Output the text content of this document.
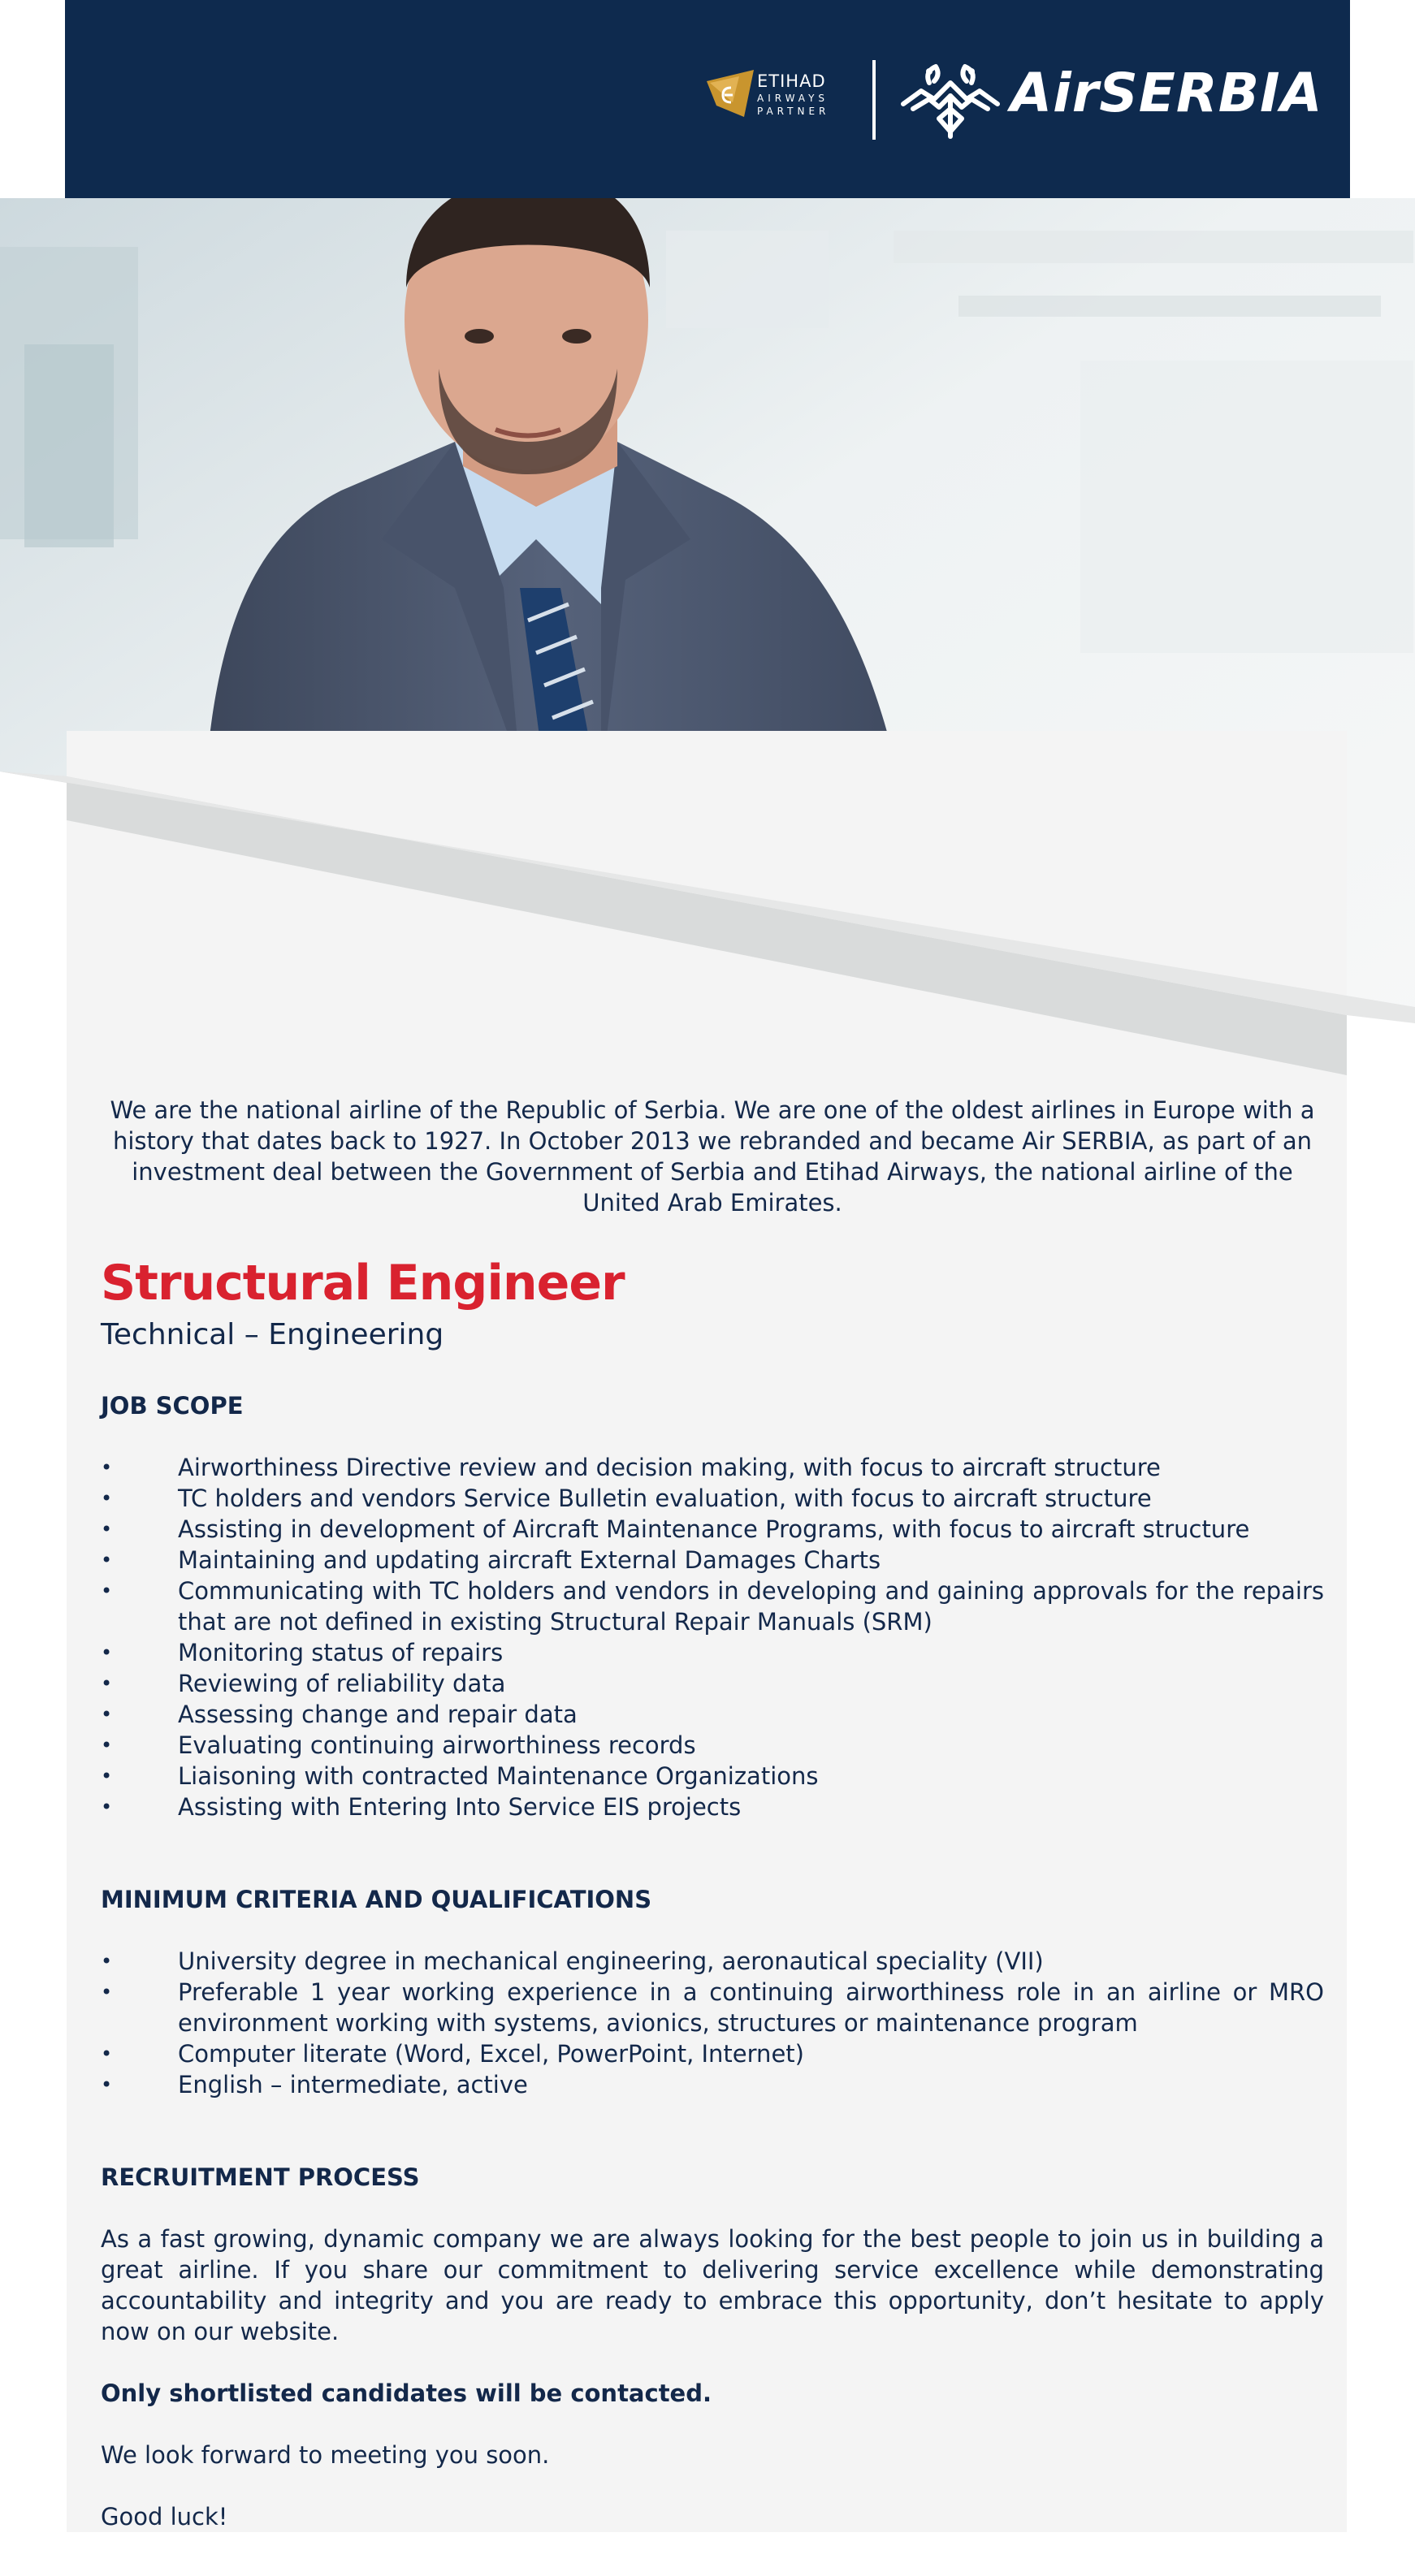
ETIHAD
AIRWAYS
PARTNER	AirSERBIA

We are the national airline of the Republic of Serbia. We are one of the oldest airlines in Europe with a history that dates back to 1927. In October 2013 we rebranded and became Air SERBIA, as part of an investment deal between the Government of Serbia and Etihad Airways, the national airline of the United Arab Emirates.

Structural Engineer
Technical – Engineering
JOB SCOPE
•	Airworthiness Directive review and decision making, with focus to aircraft structure
•	TC holders and vendors Service Bulletin evaluation, with focus to aircraft structure
•	Assisting in development of Aircraft Maintenance Programs, with focus to aircraft structure
•	Maintaining and updating aircraft External Damages Charts
•	Communicating with TC holders and vendors in developing and gaining approvals for the repairs that are not defined in existing Structural Repair Manuals (SRM)
•	Monitoring status of repairs
•	Reviewing of reliability data
•	Assessing change and repair data
•	Evaluating continuing airworthiness records
•	Liaisoning with contracted Maintenance Organizations
•	Assisting with Entering Into Service EIS projects
MINIMUM CRITERIA AND QUALIFICATIONS
•	University degree in mechanical engineering, aeronautical speciality (VII)
•	Preferable 1 year working experience in a continuing airworthiness role in an airline or MRO environment working with systems, avionics, structures or maintenance program
•	Computer literate (Word, Excel, PowerPoint, Internet)
•	English – intermediate, active
RECRUITMENT PROCESS

As a fast growing, dynamic company we are always looking for the best people to join us in building a great airline. If you share our commitment to delivering service excellence while demonstrating accountability and integrity and you are ready to embrace this opportunity, don’t hesitate to apply now on our website.

Only shortlisted candidates will be contacted.

We look forward to meeting you soon.

Good luck!
